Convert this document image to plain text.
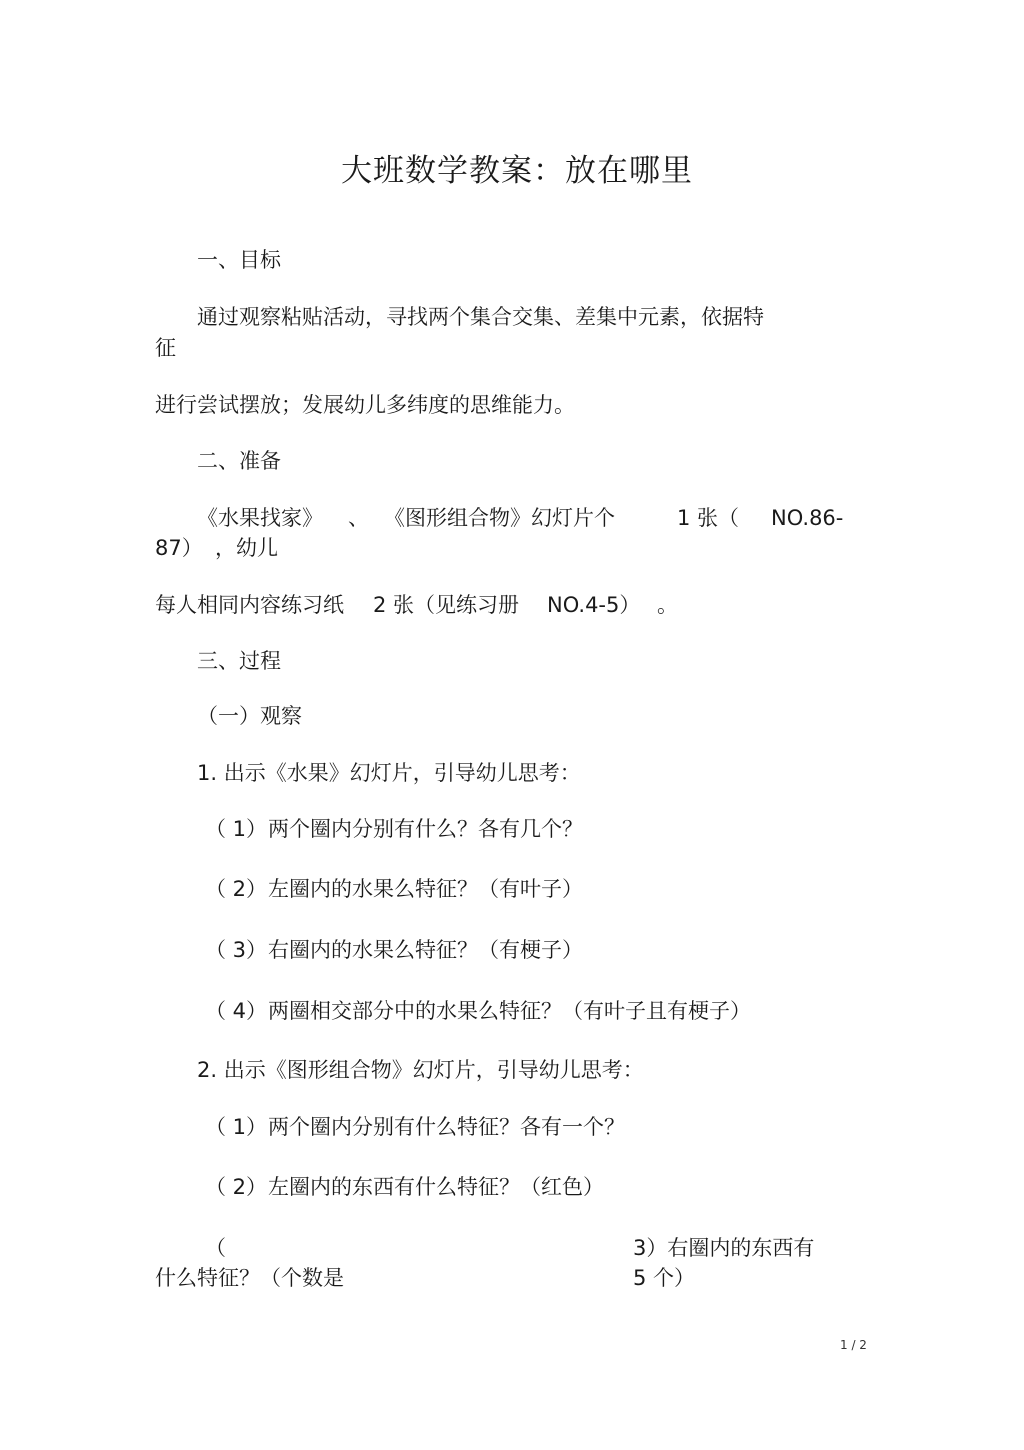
大班数学教案：放在哪里
一、目标
通过观察粘贴活动，寻找两个集合交集、差集中元素，依据特
征
进行尝试摆放；发展幼儿多纬度的思维能力。
二、准备
《水果找家》 、 《图形组合物》幻灯片个	1 张（ NO.86-
87） ，幼儿
每人相同内容练习纸 2 张（见练习册 NO.4-5） 。
三、过程
（一）观察
1. 出示《水果》幻灯片，引导幼儿思考：
（ 1） 两个圈内分别有什么？各有几个？
（ 2） 左圈内的水果么特征？（有叶子）
（ 3） 右圈内的水果么特征？（有梗子）
（ 4） 两圈相交部分中的水果么特征？（有叶子且有梗子）
2. 出示《图形组合物》幻灯片，引导幼儿思考：
（ 1） 两个圈内分别有什么特征？各有一个？
（ 2） 左圈内的东西有什么特征？（红色）
（	3）右圈内的东西有
什么特征？（个数是	5 个）
1 / 2
